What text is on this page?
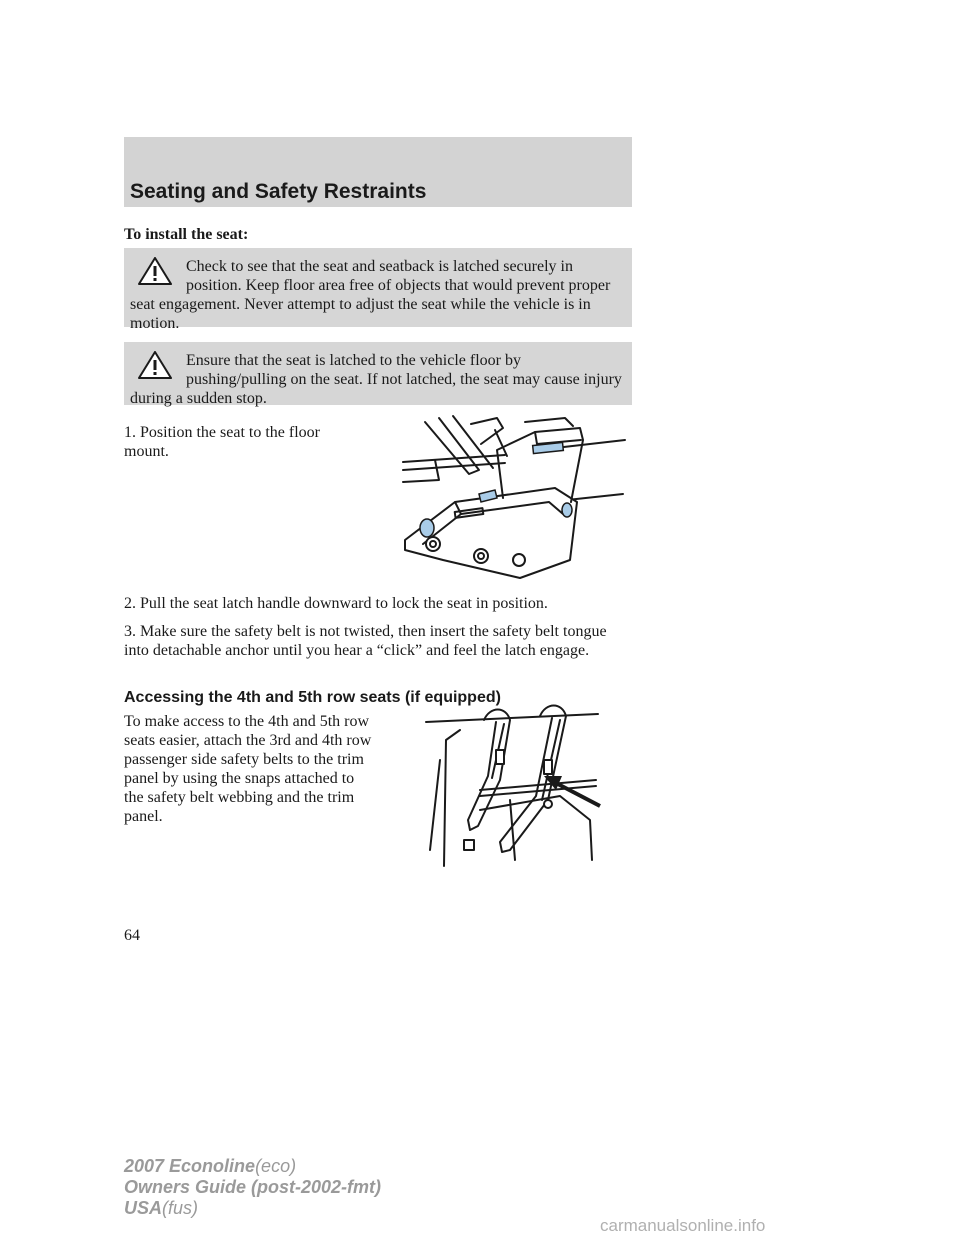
Seating and Safety Restraints
To install the seat:
Check to see that the seat and seatback is latched securely in position. Keep floor area free of objects that would prevent proper seat engagement. Never attempt to adjust the seat while the vehicle is in motion.
Ensure that the seat is latched to the vehicle floor by pushing/pulling on the seat. If not latched, the seat may cause injury during a sudden stop.
1. Position the seat to the floor mount.
2. Pull the seat latch handle downward to lock the seat in position.
3. Make sure the safety belt is not twisted, then insert the safety belt tongue into detachable anchor until you hear a “click” and feel the latch engage.
Accessing the 4th and 5th row seats (if equipped)
To make access to the 4th and 5th row seats easier, attach the 3rd and 4th row passenger side safety belts to the trim panel by using the snaps attached to the safety belt webbing and the trim panel.
64
2007 Econoline(eco)
Owners Guide (post-2002-fmt)
USA(fus)
carmanualsonline.info
